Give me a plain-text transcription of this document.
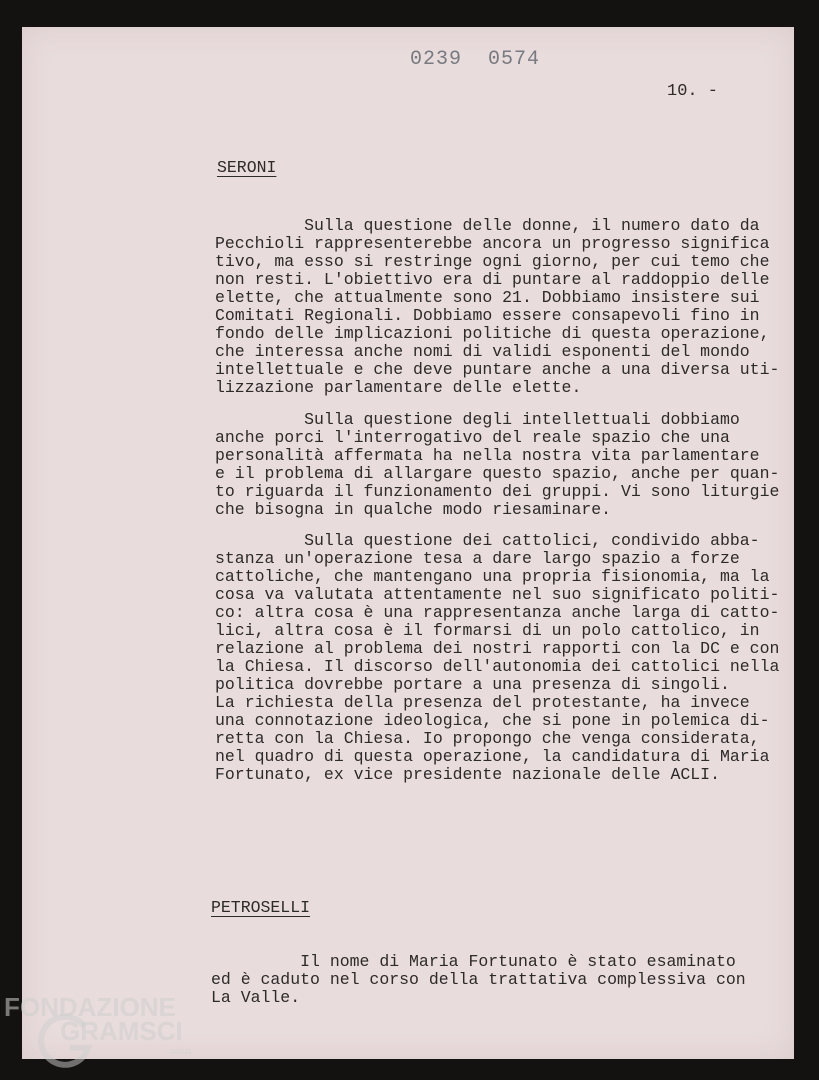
0239  0574
10. -
SERONI
Sulla questione delle donne, il numero dato da
Pecchioli rappresenterebbe ancora un progresso significa
tivo, ma esso si restringe ogni giorno, per cui temo che
non resti. L'obiettivo era di puntare al raddoppio delle
elette, che attualmente sono 21. Dobbiamo insistere sui
Comitati Regionali. Dobbiamo essere consapevoli fino in
fondo delle implicazioni politiche di questa operazione,
che interessa anche nomi di validi esponenti del mondo
intellettuale e che deve puntare anche a una diversa uti-
lizzazione parlamentare delle elette.
Sulla questione degli intellettuali dobbiamo
anche porci l'interrogativo del reale spazio che una
personalità affermata ha nella nostra vita parlamentare
e il problema di allargare questo spazio, anche per quan-
to riguarda il funzionamento dei gruppi. Vi sono liturgie
che bisogna in qualche modo riesaminare.
Sulla questione dei cattolici, condivido abba-
stanza un'operazione tesa a dare largo spazio a forze
cattoliche, che mantengano una propria fisionomia, ma la
cosa va valutata attentamente nel suo significato politi-
co: altra cosa è una rappresentanza anche larga di catto-
lici, altra cosa è il formarsi di un polo cattolico, in
relazione al problema dei nostri rapporti con la DC e con
la Chiesa. Il discorso dell'autonomia dei cattolici nella
politica dovrebbe portare a una presenza di singoli.
La richiesta della presenza del protestante, ha invece
una connotazione ideologica, che si pone in polemica di-
retta con la Chiesa. Io propongo che venga considerata,
nel quadro di questa operazione, la candidatura di Maria
Fortunato, ex vice presidente nazionale delle ACLI.
PETROSELLI
Il nome di Maria Fortunato è stato esaminato
ed è caduto nel corso della trattativa complessiva con
La Valle.
FONDAZIONE
GRAMSCI
onlus
